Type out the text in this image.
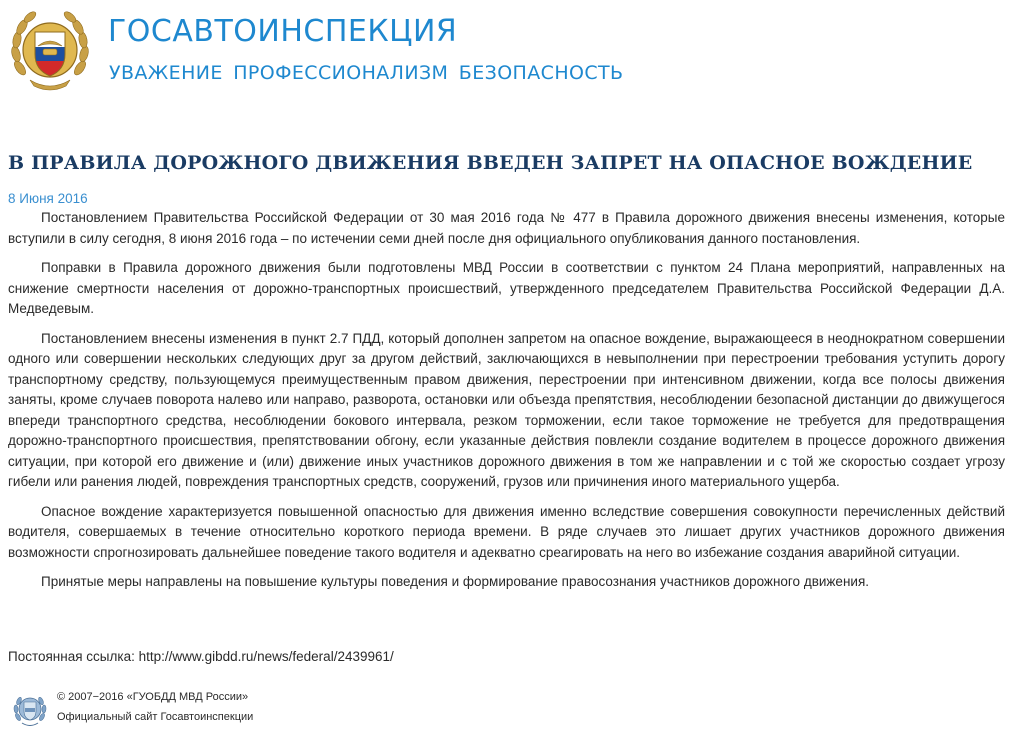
ГОСАВТОИНСПЕКЦИЯ
УВАЖЕНИЕ ПРОФЕССИОНАЛИЗМ БЕЗОПАСНОСТЬ
В ПРАВИЛА ДОРОЖНОГО ДВИЖЕНИЯ ВВЕДЕН ЗАПРЕТ НА ОПАСНОЕ ВОЖДЕНИЕ
8 Июня 2016

Постановлением Правительства Российской Федерации от 30 мая 2016 года № 477 в Правила дорожного движения внесены изменения, которые вступили в силу сегодня, 8 июня 2016 года – по истечении семи дней после дня официального опубликования данного постановления.

Поправки в Правила дорожного движения были подготовлены МВД России в соответствии с пунктом 24 Плана мероприятий, направленных на снижение смертности населения от дорожно-транспортных происшествий, утвержденного председателем Правительства Российской Федерации Д.А. Медведевым.

Постановлением внесены изменения в пункт 2.7 ПДД, который дополнен запретом на опасное вождение, выражающееся в неоднократном совершении одного или совершении нескольких следующих друг за другом действий, заключающихся в невыполнении при перестроении требования уступить дорогу транспортному средству, пользующемуся преимущественным правом движения, перестроении при интенсивном движении, когда все полосы движения заняты, кроме случаев поворота налево или направо, разворота, остановки или объезда препятствия, несоблюдении безопасной дистанции до движущегося впереди транспортного средства, несоблюдении бокового интервала, резком торможении, если такое торможение не требуется для предотвращения дорожно-транспортного происшествия, препятствовании обгону, если указанные действия повлекли создание водителем в процессе дорожного движения ситуации, при которой его движение и (или) движение иных участников дорожного движения в том же направлении и с той же скоростью создает угрозу гибели или ранения людей, повреждения транспортных средств, сооружений, грузов или причинения иного материального ущерба.

Опасное вождение характеризуется повышенной опасностью для движения именно вследствие совершения совокупности перечисленных действий водителя, совершаемых в течение относительно короткого периода времени. В ряде случаев это лишает других участников дорожного движения возможности спрогнозировать дальнейшее поведение такого водителя и адекватно среагировать на него во избежание создания аварийной ситуации.

Принятые меры направлены на повышение культуры поведения и формирование правосознания участников дорожного движения.

Постоянная ссылка: http://www.gibdd.ru/news/federal/2439961/
© 2007−2016 «ГУОБДД МВД России»
Официальный сайт Госавтоинспекции
